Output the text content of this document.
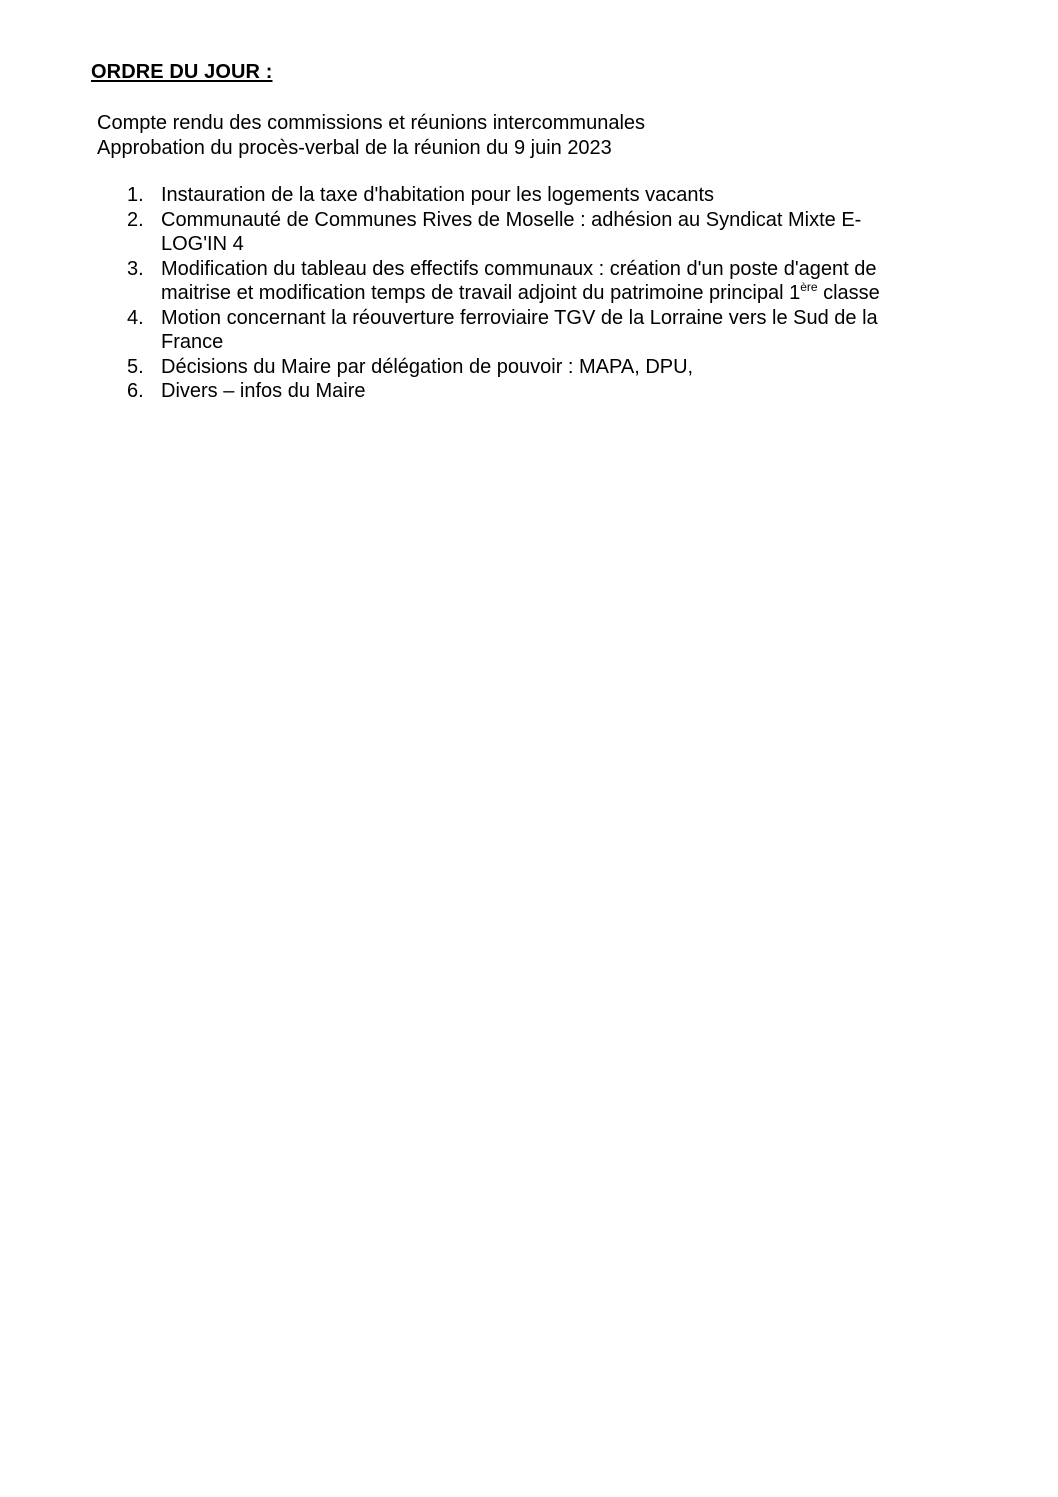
ORDRE DU JOUR :
Compte rendu des commissions et réunions intercommunales
Approbation du procès-verbal de la réunion du 9 juin 2023
1. Instauration de la taxe d'habitation pour les logements vacants
2. Communauté de Communes Rives de Moselle : adhésion au Syndicat Mixte E-
LOG'IN 4
3. Modification du tableau des effectifs communaux : création d'un poste d'agent de
maitrise et modification temps de travail adjoint du patrimoine principal 1ère classe
4. Motion concernant la réouverture ferroviaire TGV de la Lorraine vers le Sud de la
France
5. Décisions du Maire par délégation de pouvoir : MAPA, DPU,
6. Divers – infos du Maire
